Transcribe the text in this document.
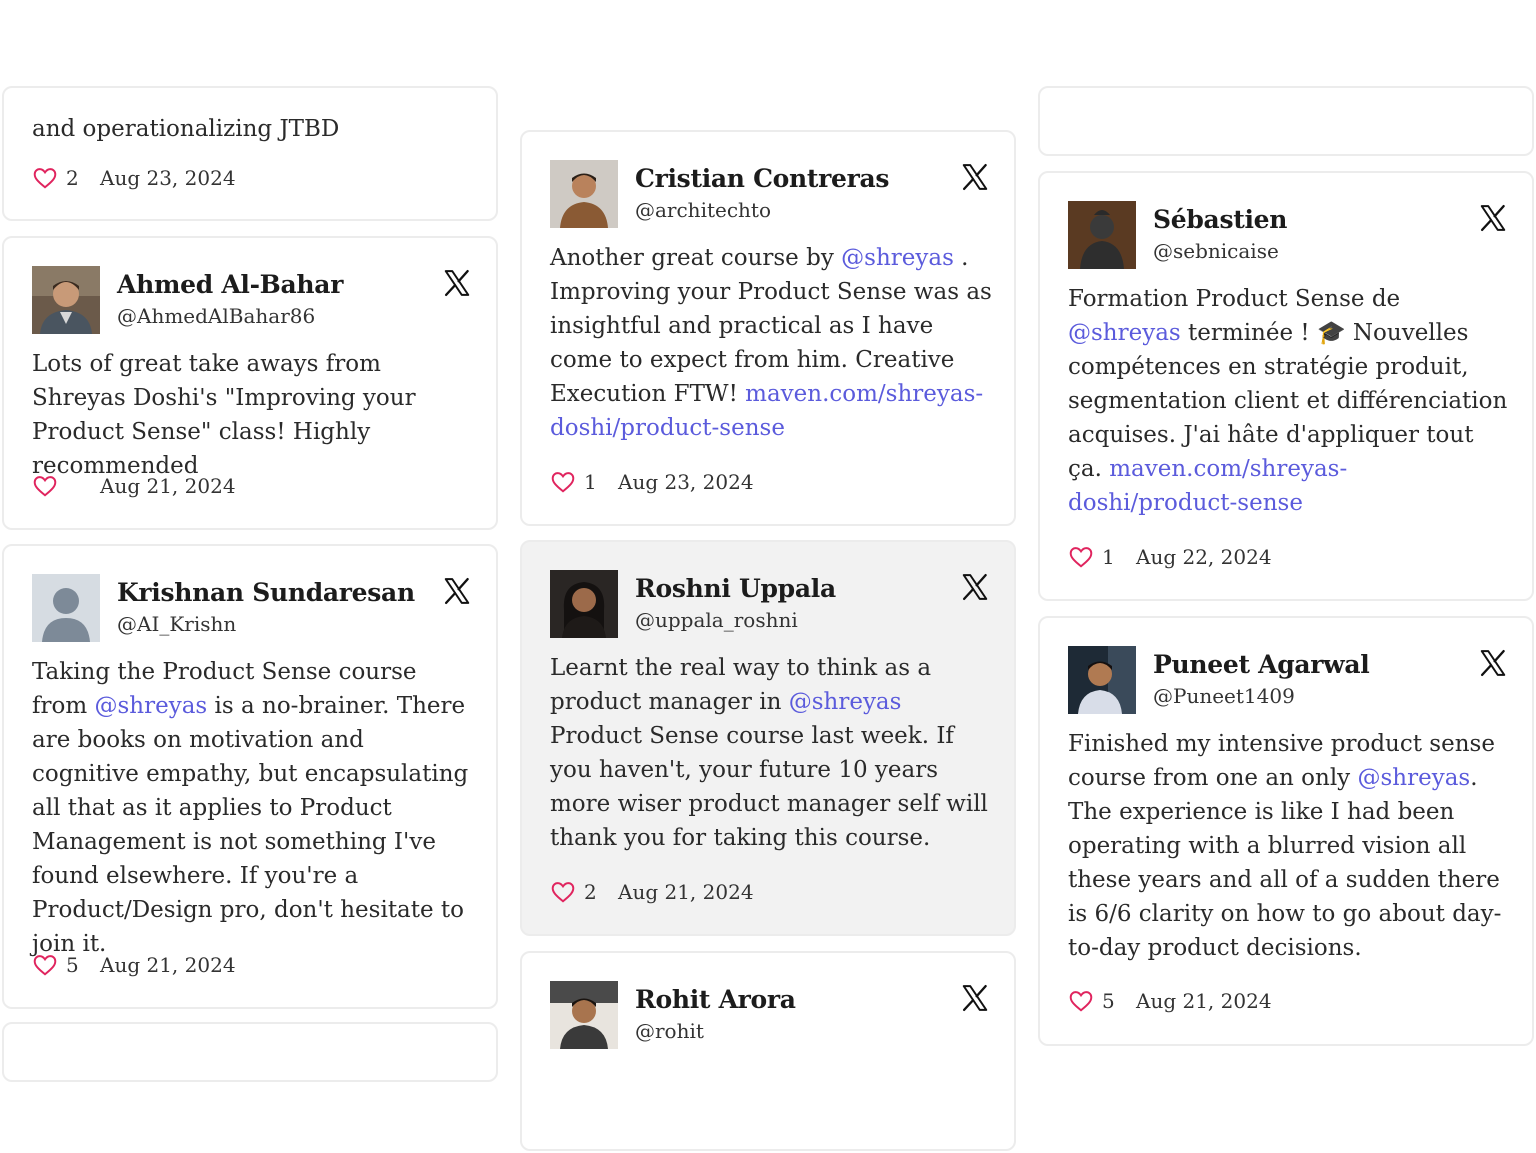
and operationalizing JTBD

2	Aug 23, 2024
Ahmed Al-Bahar
@AhmedAlBahar86

Lots of great take aways from Shreyas Doshi's "Improving your Product Sense" class! Highly recommended

Aug 21, 2024
Krishnan Sundaresan
@AI_Krishn

Taking the Product Sense course from @shreyas is a no-brainer. There are books on motivation and cognitive empathy, but encapsulating all that as it applies to Product Management is not something I've found elsewhere. If you're a Product/Design pro, don't hesitate to join it.

5	Aug 21, 2024
Cristian Contreras
@architechto

Another great course by @shreyas . Improving your Product Sense was as insightful and practical as I have come to expect from him. Creative Execution FTW! maven.com/shreyas-doshi/product-sense

1	Aug 23, 2024
Roshni Uppala
@uppala_roshni

Learnt the real way to think as a product manager in @shreyas Product Sense course last week. If you haven't, your future 10 years more wiser product manager self will thank you for taking this course.

2	Aug 21, 2024
Rohit Arora
@rohit
Sébastien
@sebnicaise

Formation Product Sense de @shreyas terminée ! 🎓 Nouvelles compétences en stratégie produit, segmentation client et différenciation acquises. J'ai hâte d'appliquer tout ça. maven.com/shreyas-doshi/product-sense

1	Aug 22, 2024
Puneet Agarwal
@Puneet1409

Finished my intensive product sense course from one an only @shreyas. The experience is like I had been operating with a blurred vision all these years and all of a sudden there is 6/6 clarity on how to go about day-to-day product decisions.

5	Aug 21, 2024
